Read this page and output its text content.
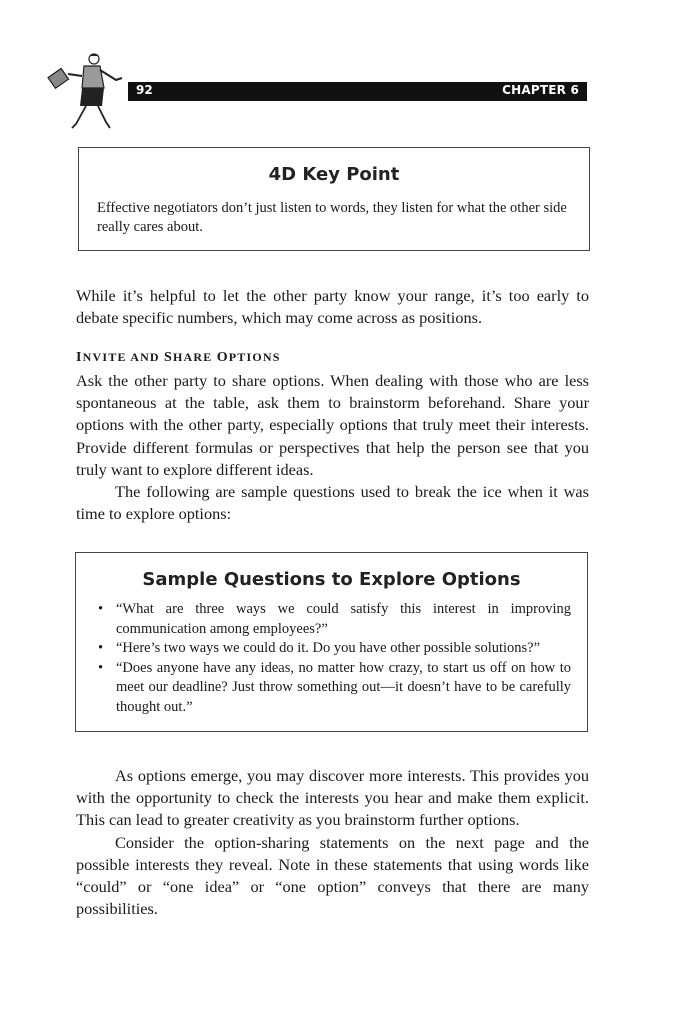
92	CHAPTER 6
4D Key Point

Effective negotiators don’t just listen to words, they listen for what the other side really cares about.

While it’s helpful to let the other party know your range, it’s too early to debate specific numbers, which may come across as positions.

INVITE AND SHARE OPTIONS

Ask the other party to share options. When dealing with those who are less spontaneous at the table, ask them to brainstorm beforehand. Share your options with the other party, especially options that truly meet their interests. Provide different formulas or perspectives that help the person see that you truly want to explore different ideas.

The following are sample questions used to break the ice when it was time to explore options:

Sample Questions to Explore Options
• “What are three ways we could satisfy this interest in improving communication among employees?”
• “Here’s two ways we could do it. Do you have other possible solutions?”
• “Does anyone have any ideas, no matter how crazy, to start us off on how to meet our deadline? Just throw something out—it doesn’t have to be carefully thought out.”

As options emerge, you may discover more interests. This provides you with the opportunity to check the interests you hear and make them explicit. This can lead to greater creativity as you brainstorm further options.

Consider the option-sharing statements on the next page and the possible interests they reveal. Note in these statements that using words like “could” or “one idea” or “one option” conveys that there are many possibilities.
